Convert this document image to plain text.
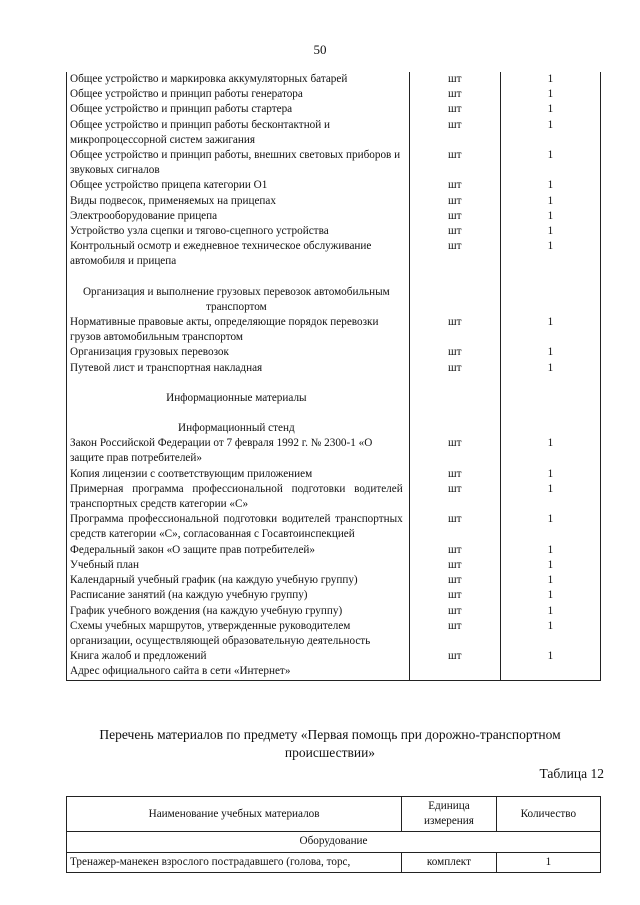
50
Общее устройство и маркировка аккумуляторных батарей	шт	1
Общее устройство и принцип работы генератора	шт	1
Общее устройство и принцип работы стартера	шт	1
Общее устройство и принцип работы бесконтактной и микропроцессорной систем зажигания	шт	1
Общее устройство и принцип работы, внешних световых приборов и звуковых сигналов	шт	1
Общее устройство прицепа категории О1	шт	1
Виды подвесок, применяемых на прицепах	шт	1
Электрооборудование прицепа	шт	1
Устройство узла сцепки и тягово-сцепного устройства	шт	1
Контрольный осмотр и ежедневное техническое обслуживание автомобиля и прицепа	шт	1

Организация и выполнение грузовых перевозок автомобильным транспортом		
Нормативные правовые акты, определяющие порядок перевозки грузов автомобильным транспортом	шт	1
Организация грузовых перевозок	шт	1
Путевой лист и транспортная накладная	шт	1

Информационные материалы		

Информационный стенд		
Закон Российской Федерации от 7 февраля 1992 г. № 2300-1 «О защите прав потребителей»	шт	1
Копия лицензии с соответствующим приложением	шт	1
Примерная программа профессиональной подготовки водителей транспортных средств категории «С»	шт	1
Программа профессиональной подготовки водителей транспортных средств категории «С», согласованная с Госавтоинспекцией	шт	1
Федеральный закон «О защите прав потребителей»	шт	1
Учебный план	шт	1
Календарный учебный график (на каждую учебную группу)	шт	1
Расписание занятий (на каждую учебную группу)	шт	1
График учебного вождения (на каждую учебную группу)	шт	1
Схемы учебных маршрутов, утвержденные руководителем организации, осуществляющей образовательную деятельность	шт	1
Книга жалоб и предложений	шт	1
Адрес официального сайта в сети «Интернет»		
Перечень материалов по предмету «Первая помощь при дорожно-транспортном происшествии»
Таблица 12
Наименование учебных материалов	Единица измерения	Количество
Оборудование		
Тренажер-манекен взрослого пострадавшего (голова, торс,	комплект	1
